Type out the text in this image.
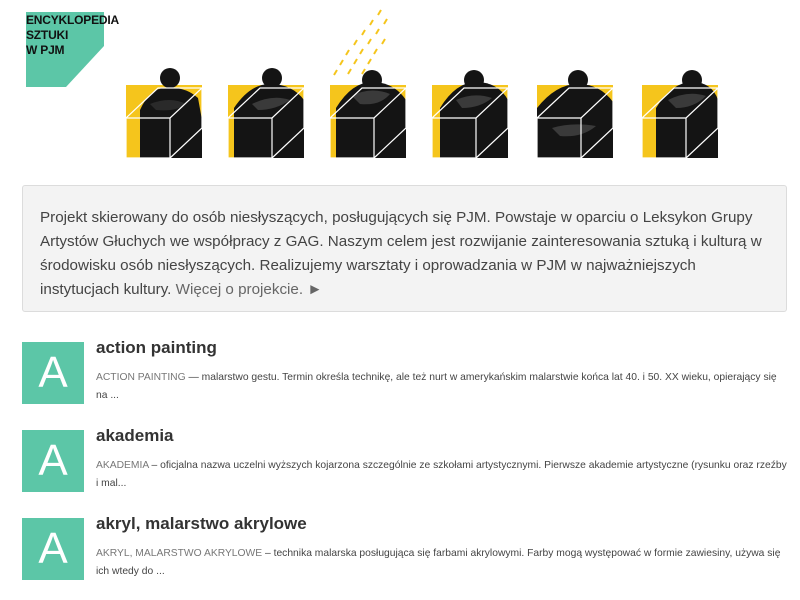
ENCYKLOPEDIA
SZTUKI
W PJM
Projekt skierowany do osób niesłyszących, posługujących się PJM. Powstaje w oparciu o Leksykon Grupy Artystów Głuchych we współpracy z GAG. Naszym celem jest rozwijanie zainteresowania sztuką i kulturą w środowisku osób niesłyszących. Realizujemy warsztaty i oprowadzania w PJM w najważniejszych instytucjach kultury. Więcej o projekcie. ►
A
action painting
ACTION PAINTING — malarstwo gestu. Termin określa technikę, ale też nurt w amerykańskim malarstwie końca lat 40. i 50. XX wieku, opierający się na ...
A
akademia
AKADEMIA – oficjalna nazwa uczelni wyższych kojarzona szczególnie ze szkołami artystycznymi. Pierwsze akademie artystyczne (rysunku oraz rzeźby i mal...
A
akryl, malarstwo akrylowe
AKRYL, MALARSTWO AKRYLOWE – technika malarska posługująca się farbami akrylowymi. Farby mogą występować w formie zawiesiny, używa się ich wtedy do ...
